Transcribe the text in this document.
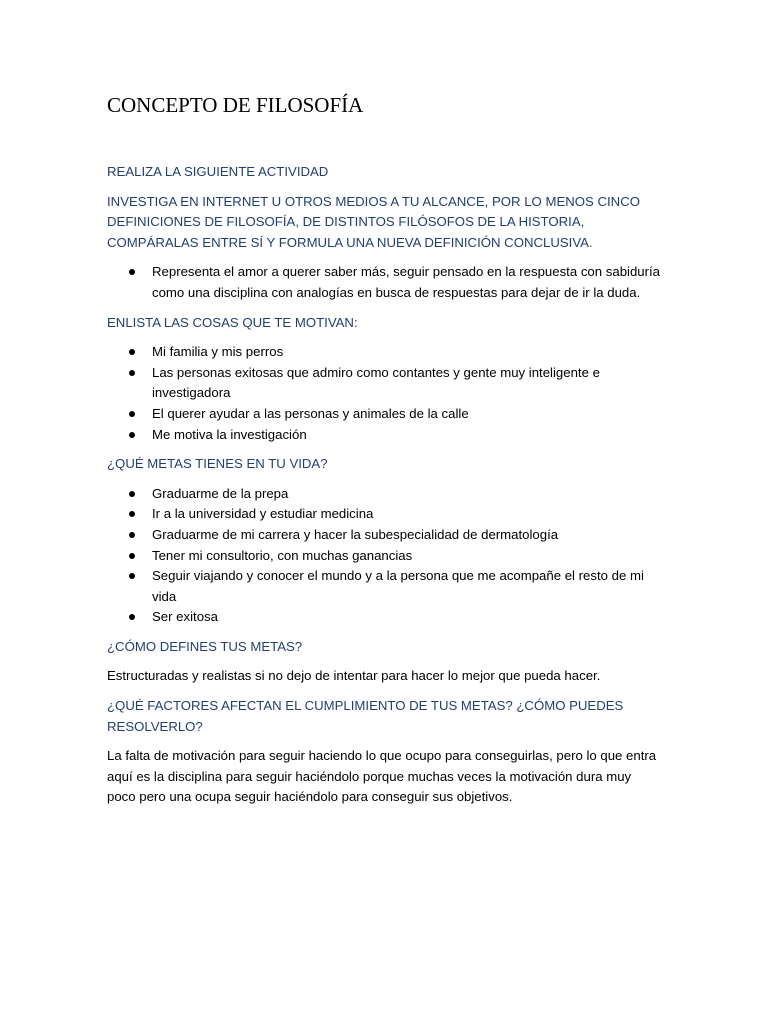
CONCEPTO DE FILOSOFÍA
REALIZA LA SIGUIENTE ACTIVIDAD
INVESTIGA EN INTERNET U OTROS MEDIOS A TU ALCANCE, POR LO MENOS CINCO DEFINICIONES DE FILOSOFÍA, DE DISTINTOS FILÓSOFOS DE LA HISTORIA, COMPÁRALAS ENTRE SÍ Y FORMULA UNA NUEVA DEFINICIÓN CONCLUSIVA.
Representa el amor a querer saber más, seguir pensado en la respuesta con sabiduría como una disciplina con analogías en busca de respuestas para dejar de ir la duda.
ENLISTA LAS COSAS QUE TE MOTIVAN:
Mi familia y mis perros
Las personas exitosas que admiro como contantes y gente muy inteligente e investigadora
El querer ayudar a las personas y animales de la calle
Me motiva la investigación
¿QUÉ METAS TIENES EN TU VIDA?
Graduarme de la prepa
Ir a la universidad y estudiar medicina
Graduarme de mi carrera y hacer la subespecialidad de dermatología
Tener mi consultorio, con muchas ganancias
Seguir viajando y conocer el mundo y a la persona que me acompañe el resto de mi vida
Ser exitosa
¿CÓMO DEFINES TUS METAS?

Estructuradas y realistas si no dejo de intentar para hacer lo mejor que pueda hacer.

¿QUÉ FACTORES AFECTAN EL CUMPLIMIENTO DE TUS METAS? ¿CÓMO PUEDES RESOLVERLO?

La falta de motivación para seguir haciendo lo que ocupo para conseguirlas, pero lo que entra aquí es la disciplina para seguir haciéndolo porque muchas veces la motivación dura muy poco pero una ocupa seguir haciéndolo para conseguir sus objetivos.
